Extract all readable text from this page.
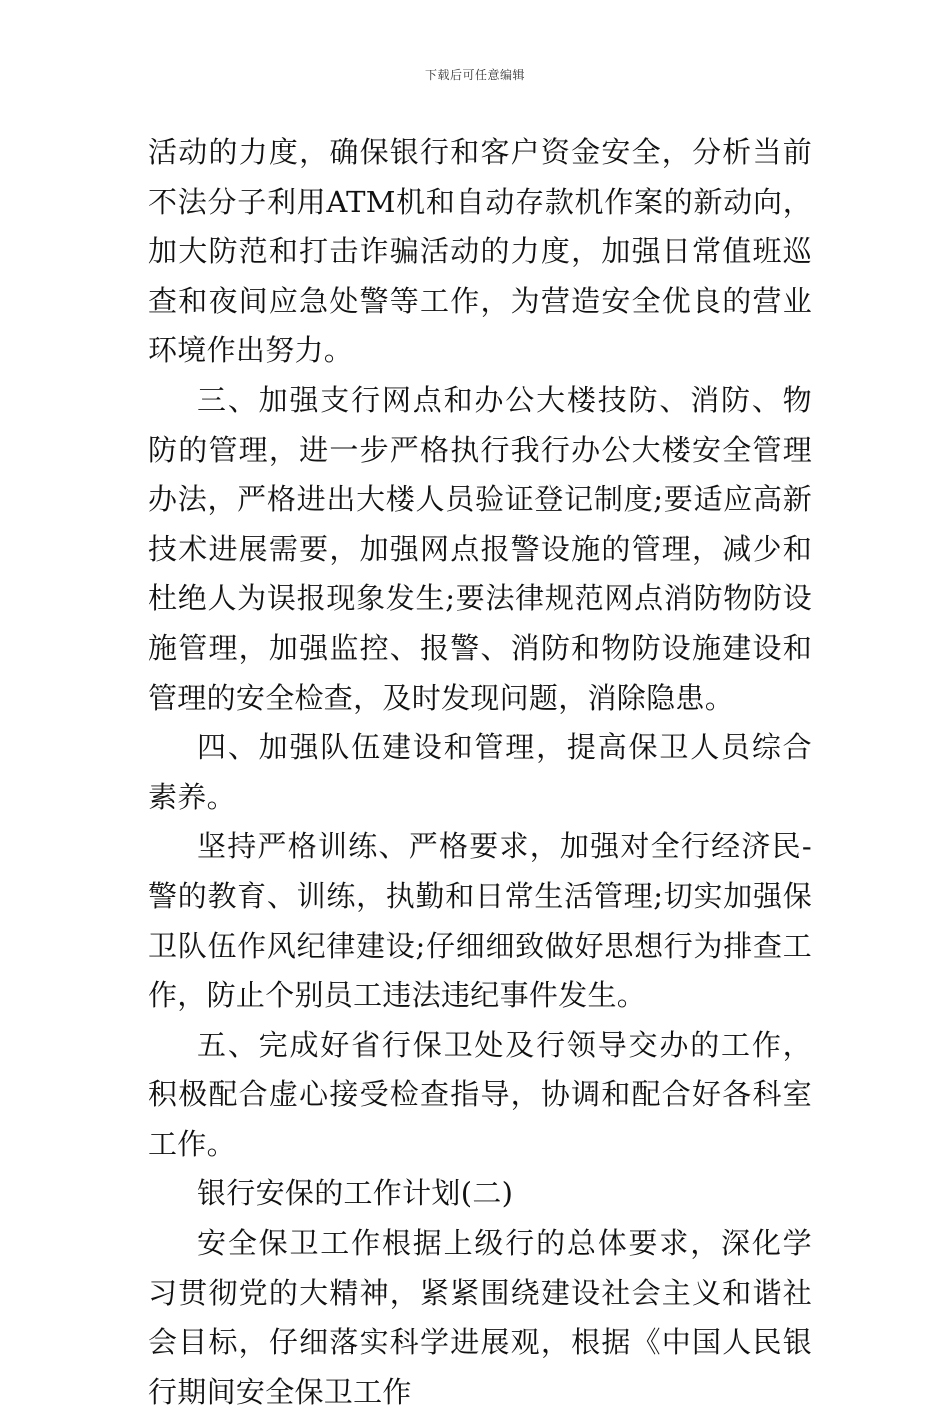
下载后可任意编辑

活动的力度，确保银行和客户资金安全，分析当前不法分子利用ATM机和自动存款机作案的新动向，加大防范和打击诈骗活动的力度，加强日常值班巡查和夜间应急处警等工作，为营造安全优良的营业环境作出努力。

三、加强支行网点和办公大楼技防、消防、物防的管理，进一步严格执行我行办公大楼安全管理办法，严格进出大楼人员验证登记制度;要适应高新技术进展需要，加强网点报警设施的管理，减少和杜绝人为误报现象发生;要法律规范网点消防物防设施管理，加强监控、报警、消防和物防设施建设和管理的安全检查，及时发现问题，消除隐患。

四、加强队伍建设和管理，提高保卫人员综合素养。

坚持严格训练、严格要求，加强对全行经济民-警的教育、训练，执勤和日常生活管理;切实加强保卫队伍作风纪律建设;仔细细致做好思想行为排查工作，防止个别员工违法违纪事件发生。

五、完成好省行保卫处及行领导交办的工作，积极配合虚心接受检查指导，协调和配合好各科室工作。

银行安保的工作计划(二)

安全保卫工作根据上级行的总体要求，深化学习贯彻党的大精神，紧紧围绕建设社会主义和谐社会目标，仔细落实科学进展观，根据《中国人民银行期间安全保卫工作
